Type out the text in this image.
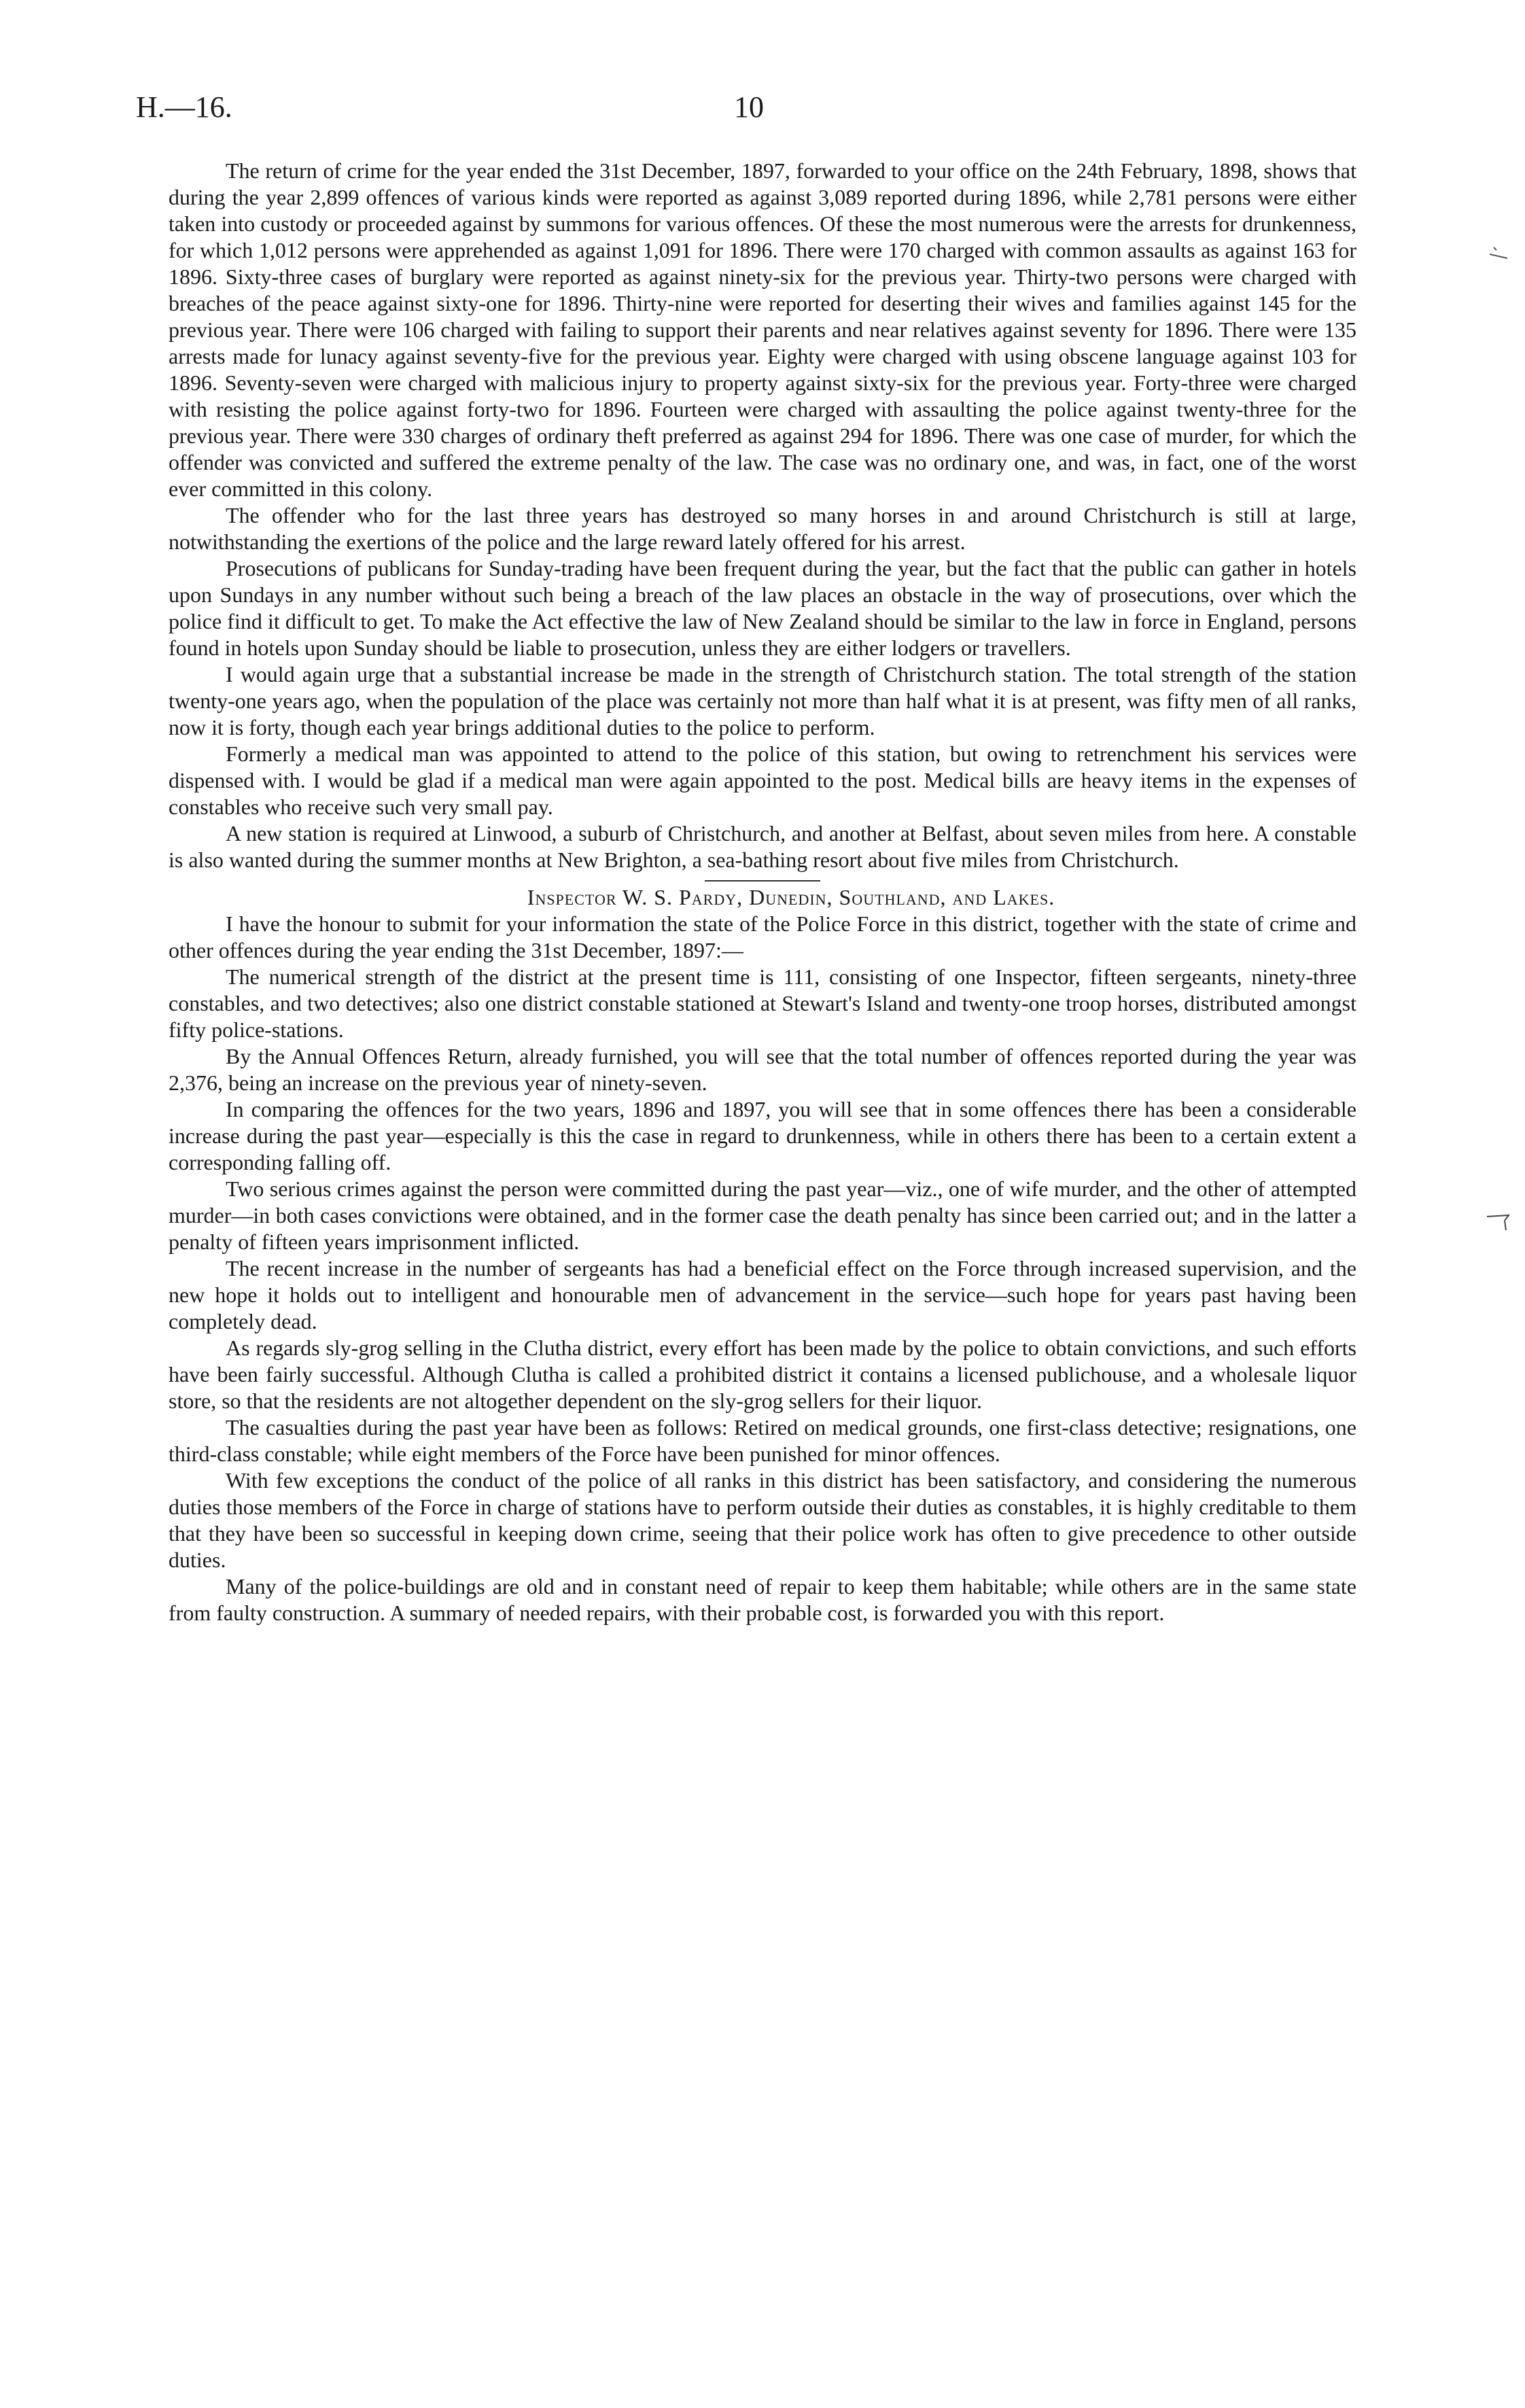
H.—16.	10

The return of crime for the year ended the 31st December, 1897, forwarded to your office on the 24th February, 1898, shows that during the year 2,899 offences of various kinds were reported as against 3,089 reported during 1896, while 2,781 persons were either taken into custody or proceeded against by summons for various offences. Of these the most numerous were the arrests for drunkenness, for which 1,012 persons were apprehended as against 1,091 for 1896. There were 170 charged with common assaults as against 163 for 1896. Sixty-three cases of burglary were reported as against ninety-six for the previous year. Thirty-two persons were charged with breaches of the peace against sixty-one for 1896. Thirty-nine were reported for deserting their wives and families against 145 for the previous year. There were 106 charged with failing to support their parents and near relatives against seventy for 1896. There were 135 arrests made for lunacy against seventy-five for the previous year. Eighty were charged with using obscene language against 103 for 1896. Seventy-seven were charged with malicious injury to property against sixty-six for the previous year. Forty-three were charged with resisting the police against forty-two for 1896. Fourteen were charged with assaulting the police against twenty-three for the previous year. There were 330 charges of ordinary theft preferred as against 294 for 1896. There was one case of murder, for which the offender was convicted and suffered the extreme penalty of the law. The case was no ordinary one, and was, in fact, one of the worst ever committed in this colony.

The offender who for the last three years has destroyed so many horses in and around Christchurch is still at large, notwithstanding the exertions of the police and the large reward lately offered for his arrest.

Prosecutions of publicans for Sunday-trading have been frequent during the year, but the fact that the public can gather in hotels upon Sundays in any number without such being a breach of the law places an obstacle in the way of prosecutions, over which the police find it difficult to get. To make the Act effective the law of New Zealand should be similar to the law in force in England, persons found in hotels upon Sunday should be liable to prosecution, unless they are either lodgers or travellers.

I would again urge that a substantial increase be made in the strength of Christchurch station. The total strength of the station twenty-one years ago, when the population of the place was certainly not more than half what it is at present, was fifty men of all ranks, now it is forty, though each year brings additional duties to the police to perform.

Formerly a medical man was appointed to attend to the police of this station, but owing to retrenchment his services were dispensed with. I would be glad if a medical man were again appointed to the post. Medical bills are heavy items in the expenses of constables who receive such very small pay.

A new station is required at Linwood, a suburb of Christchurch, and another at Belfast, about seven miles from here. A constable is also wanted during the summer months at New Brighton, a sea-bathing resort about five miles from Christchurch.

Inspector W. S. Pardy, Dunedin, Southland, and Lakes.

I have the honour to submit for your information the state of the Police Force in this district, together with the state of crime and other offences during the year ending the 31st December, 1897:—

The numerical strength of the district at the present time is 111, consisting of one Inspector, fifteen sergeants, ninety-three constables, and two detectives; also one district constable stationed at Stewart's Island and twenty-one troop horses, distributed amongst fifty police-stations.

By the Annual Offences Return, already furnished, you will see that the total number of offences reported during the year was 2,376, being an increase on the previous year of ninety-seven.

In comparing the offences for the two years, 1896 and 1897, you will see that in some offences there has been a considerable increase during the past year—especially is this the case in regard to drunkenness, while in others there has been to a certain extent a corresponding falling off.

Two serious crimes against the person were committed during the past year—viz., one of wife murder, and the other of attempted murder—in both cases convictions were obtained, and in the former case the death penalty has since been carried out; and in the latter a penalty of fifteen years imprisonment inflicted.

The recent increase in the number of sergeants has had a beneficial effect on the Force through increased supervision, and the new hope it holds out to intelligent and honourable men of advancement in the service—such hope for years past having been completely dead.

As regards sly-grog selling in the Clutha district, every effort has been made by the police to obtain convictions, and such efforts have been fairly successful. Although Clutha is called a prohibited district it contains a licensed publichouse, and a wholesale liquor store, so that the residents are not altogether dependent on the sly-grog sellers for their liquor.

The casualties during the past year have been as follows: Retired on medical grounds, one first-class detective; resignations, one third-class constable; while eight members of the Force have been punished for minor offences.

With few exceptions the conduct of the police of all ranks in this district has been satisfactory, and considering the numerous duties those members of the Force in charge of stations have to perform outside their duties as constables, it is highly creditable to them that they have been so successful in keeping down crime, seeing that their police work has often to give precedence to other outside duties.

Many of the police-buildings are old and in constant need of repair to keep them habitable; while others are in the same state from faulty construction. A summary of needed repairs, with their probable cost, is forwarded you with this report.
